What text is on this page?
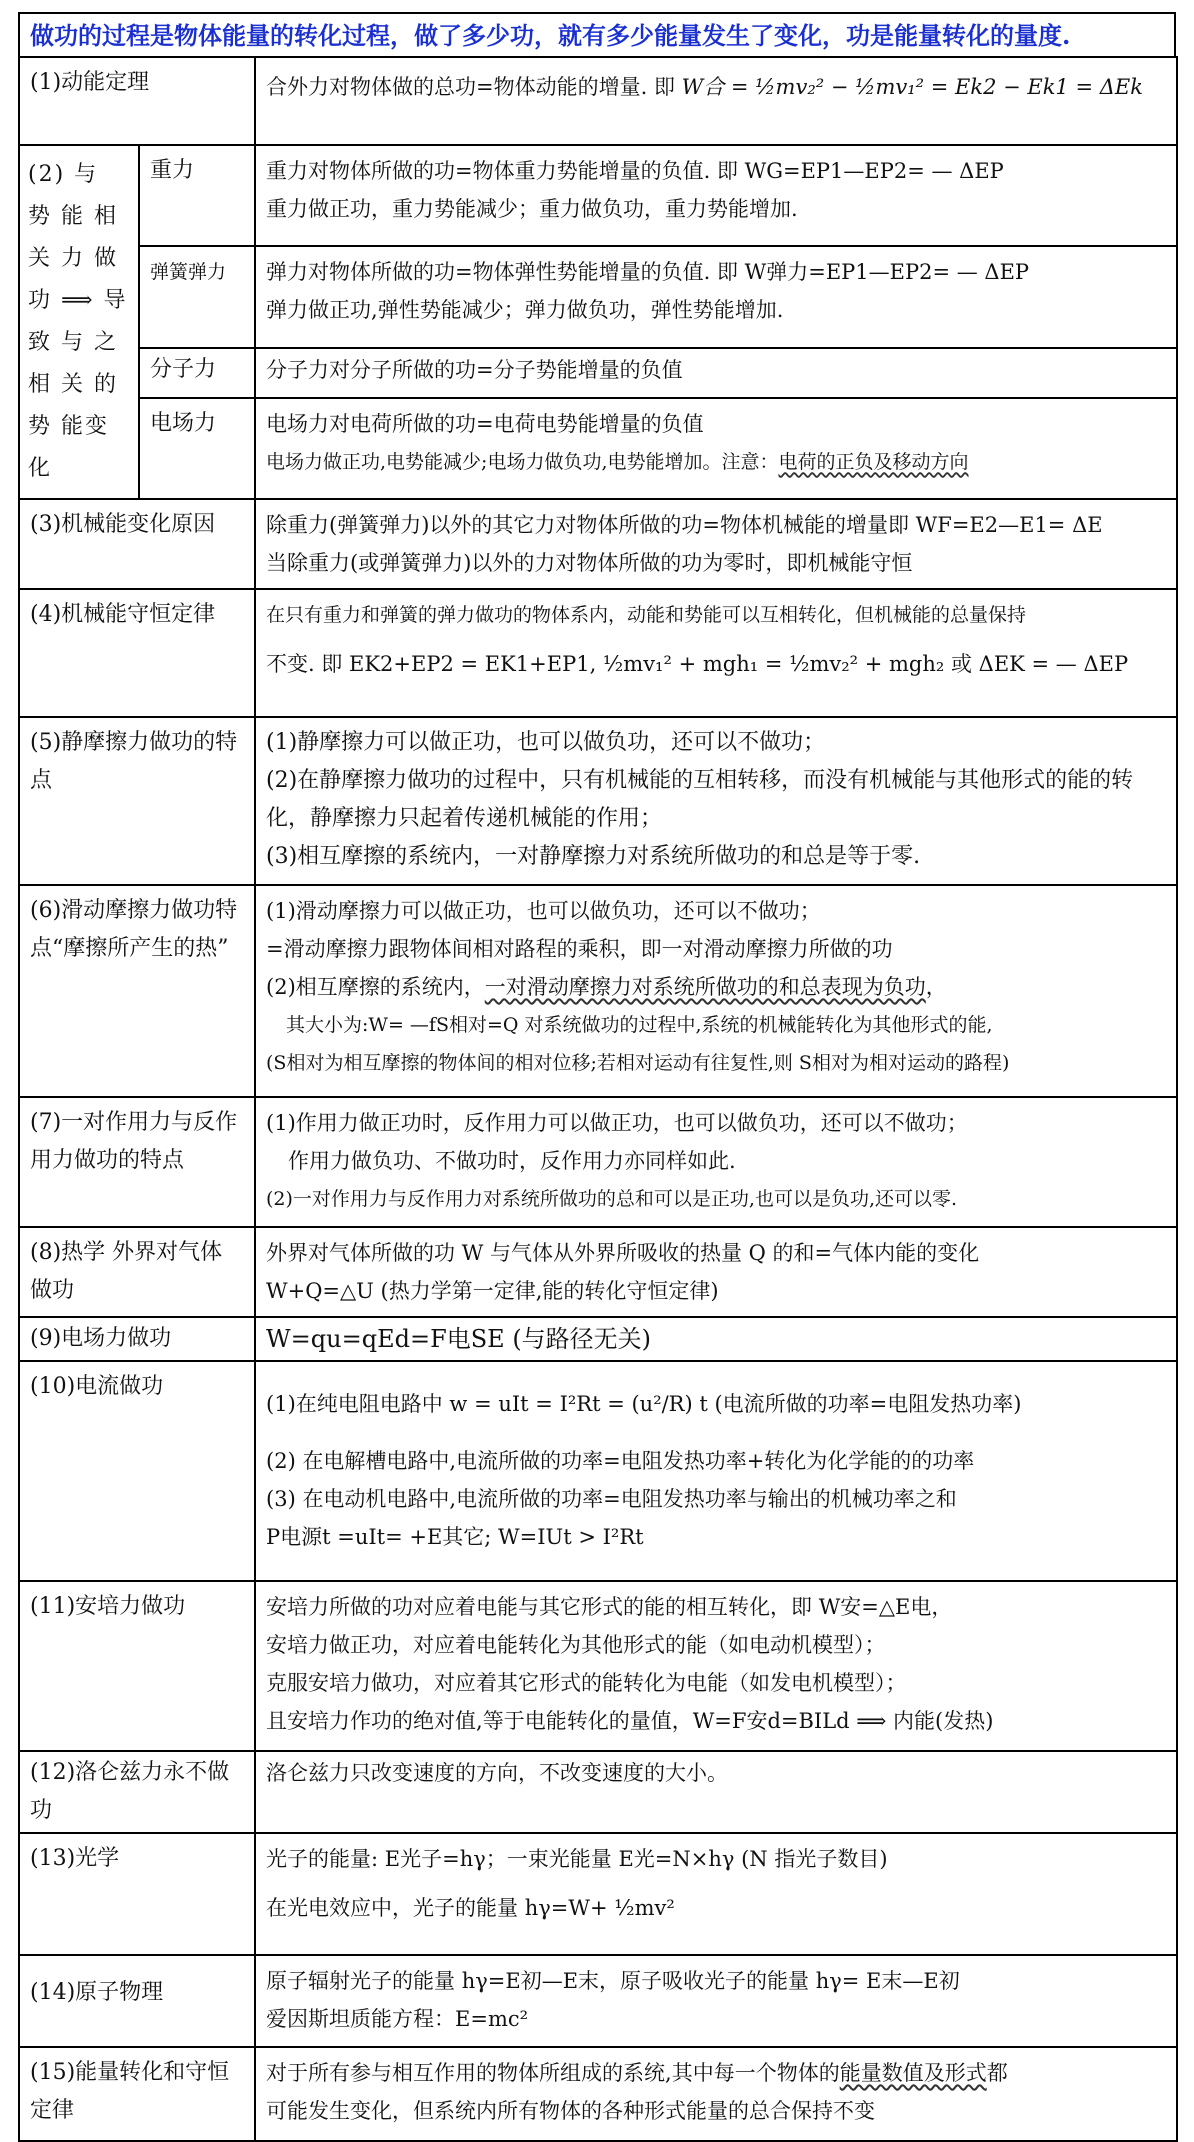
做功的过程是物体能量的转化过程，做了多少功，就有多少能量发生了变化，功是能量转化的量度.
(1)动能定理		合外力对物体做的总功=物体动能的增量. 即 W合 = ½mv₂² − ½mv₁² = Ek2 − Ek1 = ΔEk

(2) 与 势 能 相 关 力 做 功 ⟹ 导致 与 之 相 关 的 势 能变化	重力	重力对物体所做的功=物体重力势能增量的负值. 即 WG=EP1—EP2= — ΔEP
重力做正功，重力势能减少；重力做负功，重力势能增加.

	弹簧弹力	弹力对物体所做的功=物体弹性势能增量的负值. 即 W弹力=EP1—EP2= — ΔEP
弹力做正功,弹性势能减少；弹力做负功，弹性势能增加.

	分子力	分子力对分子所做的功=分子势能增量的负值

	电场力	电场力对电荷所做的功=电荷电势能增量的负值
电场力做正功,电势能减少;电场力做负功,电势能增加。注意：电荷的正负及移动方向

(3)机械能变化原因		除重力(弹簧弹力)以外的其它力对物体所做的功=物体机械能的增量即 WF=E2—E1= ΔE
当除重力(或弹簧弹力)以外的力对物体所做的功为零时，即机械能守恒

(4)机械能守恒定律		在只有重力和弹簧的弹力做功的物体系内，动能和势能可以互相转化，但机械能的总量保持
不变. 即 EK2+EP2 = EK1+EP1, ½mv₁² + mgh₁ = ½mv₂² + mgh₂ 或 ΔEK = — ΔEP

(5)静摩擦力做功的特点		(1)静摩擦力可以做正功，也可以做负功，还可以不做功；
(2)在静摩擦力做功的过程中，只有机械能的互相转移，而没有机械能与其他形式的能的转化，静摩擦力只起着传递机械能的作用；
(3)相互摩擦的系统内，一对静摩擦力对系统所做功的和总是等于零.

(6)滑动摩擦力做功特点“摩擦所产生的热”		(1)滑动摩擦力可以做正功，也可以做负功，还可以不做功；
=滑动摩擦力跟物体间相对路程的乘积，即一对滑动摩擦力所做的功
(2)相互摩擦的系统内，一对滑动摩擦力对系统所做功的和总表现为负功，
其大小为:W= —fS相对=Q 对系统做功的过程中,系统的机械能转化为其他形式的能,
(S相对为相互摩擦的物体间的相对位移;若相对运动有往复性,则 S相对为相对运动的路程)

(7)一对作用力与反作用力做功的特点		(1)作用力做正功时，反作用力可以做正功，也可以做负功，还可以不做功；
作用力做负功、不做功时，反作用力亦同样如此.
(2)一对作用力与反作用力对系统所做功的总和可以是正功,也可以是负功,还可以零.

(8)热学 外界对气体做功		外界对气体所做的功 W 与气体从外界所吸收的热量 Q 的和=气体内能的变化
W+Q=△U (热力学第一定律,能的转化守恒定律)

(9)电场力做功		W=qu=qEd=F电SE (与路径无关)

(10)电流做功		(1)在纯电阻电路中 w = uIt = I²Rt = (u²/R) t (电流所做的功率=电阻发热功率)
(2) 在电解槽电路中,电流所做的功率=电阻发热功率+转化为化学能的的功率
(3) 在电动机电路中,电流所做的功率=电阻发热功率与输出的机械功率之和
P电源t =uIt= +E其它; W=IUt > I²Rt

(11)安培力做功		安培力所做的功对应着电能与其它形式的能的相互转化，即 W安=△E电，
安培力做正功，对应着电能转化为其他形式的能（如电动机模型）；
克服安培力做功，对应着其它形式的能转化为电能（如发电机模型）；
且安培力作功的绝对值,等于电能转化的量值，W=F安d=BILd ⟹ 内能(发热)

(12)洛仑兹力永不做功		洛仑兹力只改变速度的方向，不改变速度的大小。

(13)光学		光子的能量: E光子=hγ；一束光能量 E光=N×hγ (N 指光子数目)
在光电效应中，光子的能量 hγ=W+ ½mv²

(14)原子物理		原子辐射光子的能量 hγ=E初—E末，原子吸收光子的能量 hγ= E末—E初
爱因斯坦质能方程：E=mc²

(15)能量转化和守恒定律		对于所有参与相互作用的物体所组成的系统,其中每一个物体的能量数值及形式都
可能发生变化，但系统内所有物体的各种形式能量的总合保持不变
